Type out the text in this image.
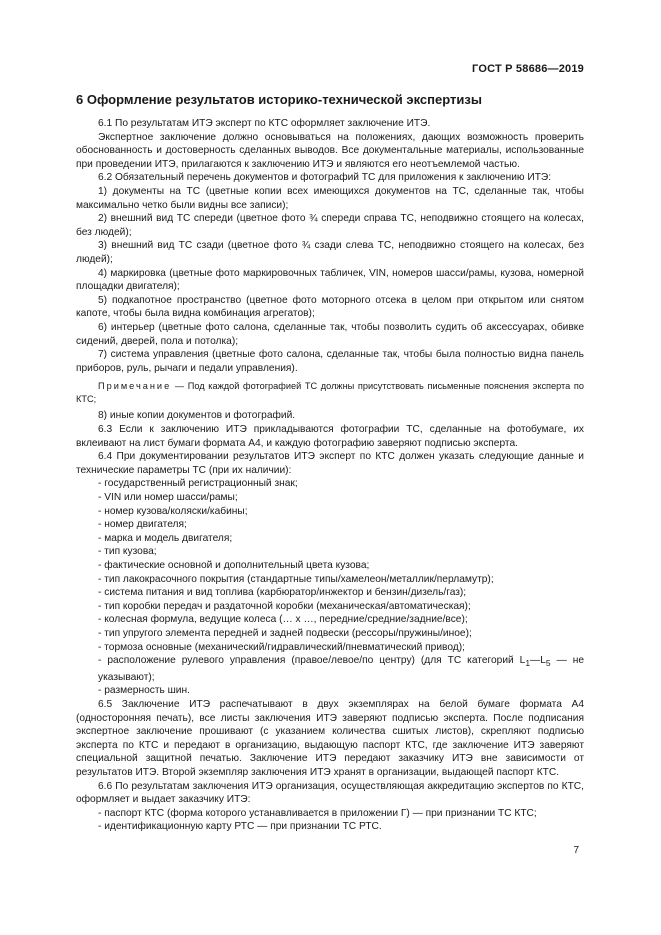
ГОСТ Р 58686—2019
6 Оформление результатов историко-технической экспертизы

6.1 По результатам ИТЭ эксперт по КТС оформляет заключение ИТЭ.

Экспертное заключение должно основываться на положениях, дающих возможность проверить обоснованность и достоверность сделанных выводов. Все документальные материалы, использованные при проведении ИТЭ, прилагаются к заключению ИТЭ и являются его неотъемлемой частью.

6.2 Обязательный перечень документов и фотографий ТС для приложения к заключению ИТЭ:

1) документы на ТС (цветные копии всех имеющихся документов на ТС, сделанные так, чтобы максимально четко были видны все записи);

2) внешний вид ТС спереди (цветное фото ¾ спереди справа ТС, неподвижно стоящего на колесах, без людей);

3) внешний вид ТС сзади (цветное фото ¾ сзади слева ТС, неподвижно стоящего на колесах, без людей);

4) маркировка (цветные фото маркировочных табличек, VIN, номеров шасси/рамы, кузова, номерной площадки двигателя);

5) подкапотное пространство (цветное фото моторного отсека в целом при открытом или снятом капоте, чтобы была видна комбинация агрегатов);

6) интерьер (цветные фото салона, сделанные так, чтобы позволить судить об аксессуарах, обивке сидений, дверей, пола и потолка);

7) система управления (цветные фото салона, сделанные так, чтобы была полностью видна панель приборов, руль, рычаги и педали управления).

Примечание — Под каждой фотографией ТС должны присутствовать письменные пояснения эксперта по КТС;

8) иные копии документов и фотографий.

6.3 Если к заключению ИТЭ прикладываются фотографии ТС, сделанные на фотобумаге, их вклеивают на лист бумаги формата А4, и каждую фотографию заверяют подписью эксперта.

6.4 При документировании результатов ИТЭ эксперт по КТС должен указать следующие данные и технические параметры ТС (при их наличии):

- государственный регистрационный знак;

- VIN или номер шасси/рамы;

- номер кузова/коляски/кабины;

- номер двигателя;

- марка и модель двигателя;

- тип кузова;

- фактические основной и дополнительный цвета кузова;

- тип лакокрасочного покрытия (стандартные типы/хамелеон/металлик/перламутр);

- система питания и вид топлива (карбюратор/инжектор и бензин/дизель/газ);

- тип коробки передач и раздаточной коробки (механическая/автоматическая);

- колесная формула, ведущие колеса (… х …, передние/средние/задние/все);

- тип упругого элемента передней и задней подвески (рессоры/пружины/иное);

- тормоза основные (механический/гидравлический/пневматический привод);

- расположение рулевого управления (правое/левое/по центру) (для ТС категорий $L_1—L_5$ — не указывают);

- размерность шин.

6.5 Заключение ИТЭ распечатывают в двух экземплярах на белой бумаге формата А4 (односторонняя печать), все листы заключения ИТЭ заверяют подписью эксперта. После подписания экспертное заключение прошивают (с указанием количества сшитых листов), скрепляют подписью эксперта по КТС и передают в организацию, выдающую паспорт КТС, где заключение ИТЭ заверяют специальной защитной печатью. Заключение ИТЭ передают заказчику ИТЭ вне зависимости от результатов ИТЭ. Второй экземпляр заключения ИТЭ хранят в организации, выдающей паспорт КТС.

6.6 По результатам заключения ИТЭ организация, осуществляющая аккредитацию экспертов по КТС, оформляет и выдает заказчику ИТЭ:

- паспорт КТС (форма которого устанавливается в приложении Г) — при признании ТС КТС;

- идентификационную карту РТС — при признании ТС РТС.

7
